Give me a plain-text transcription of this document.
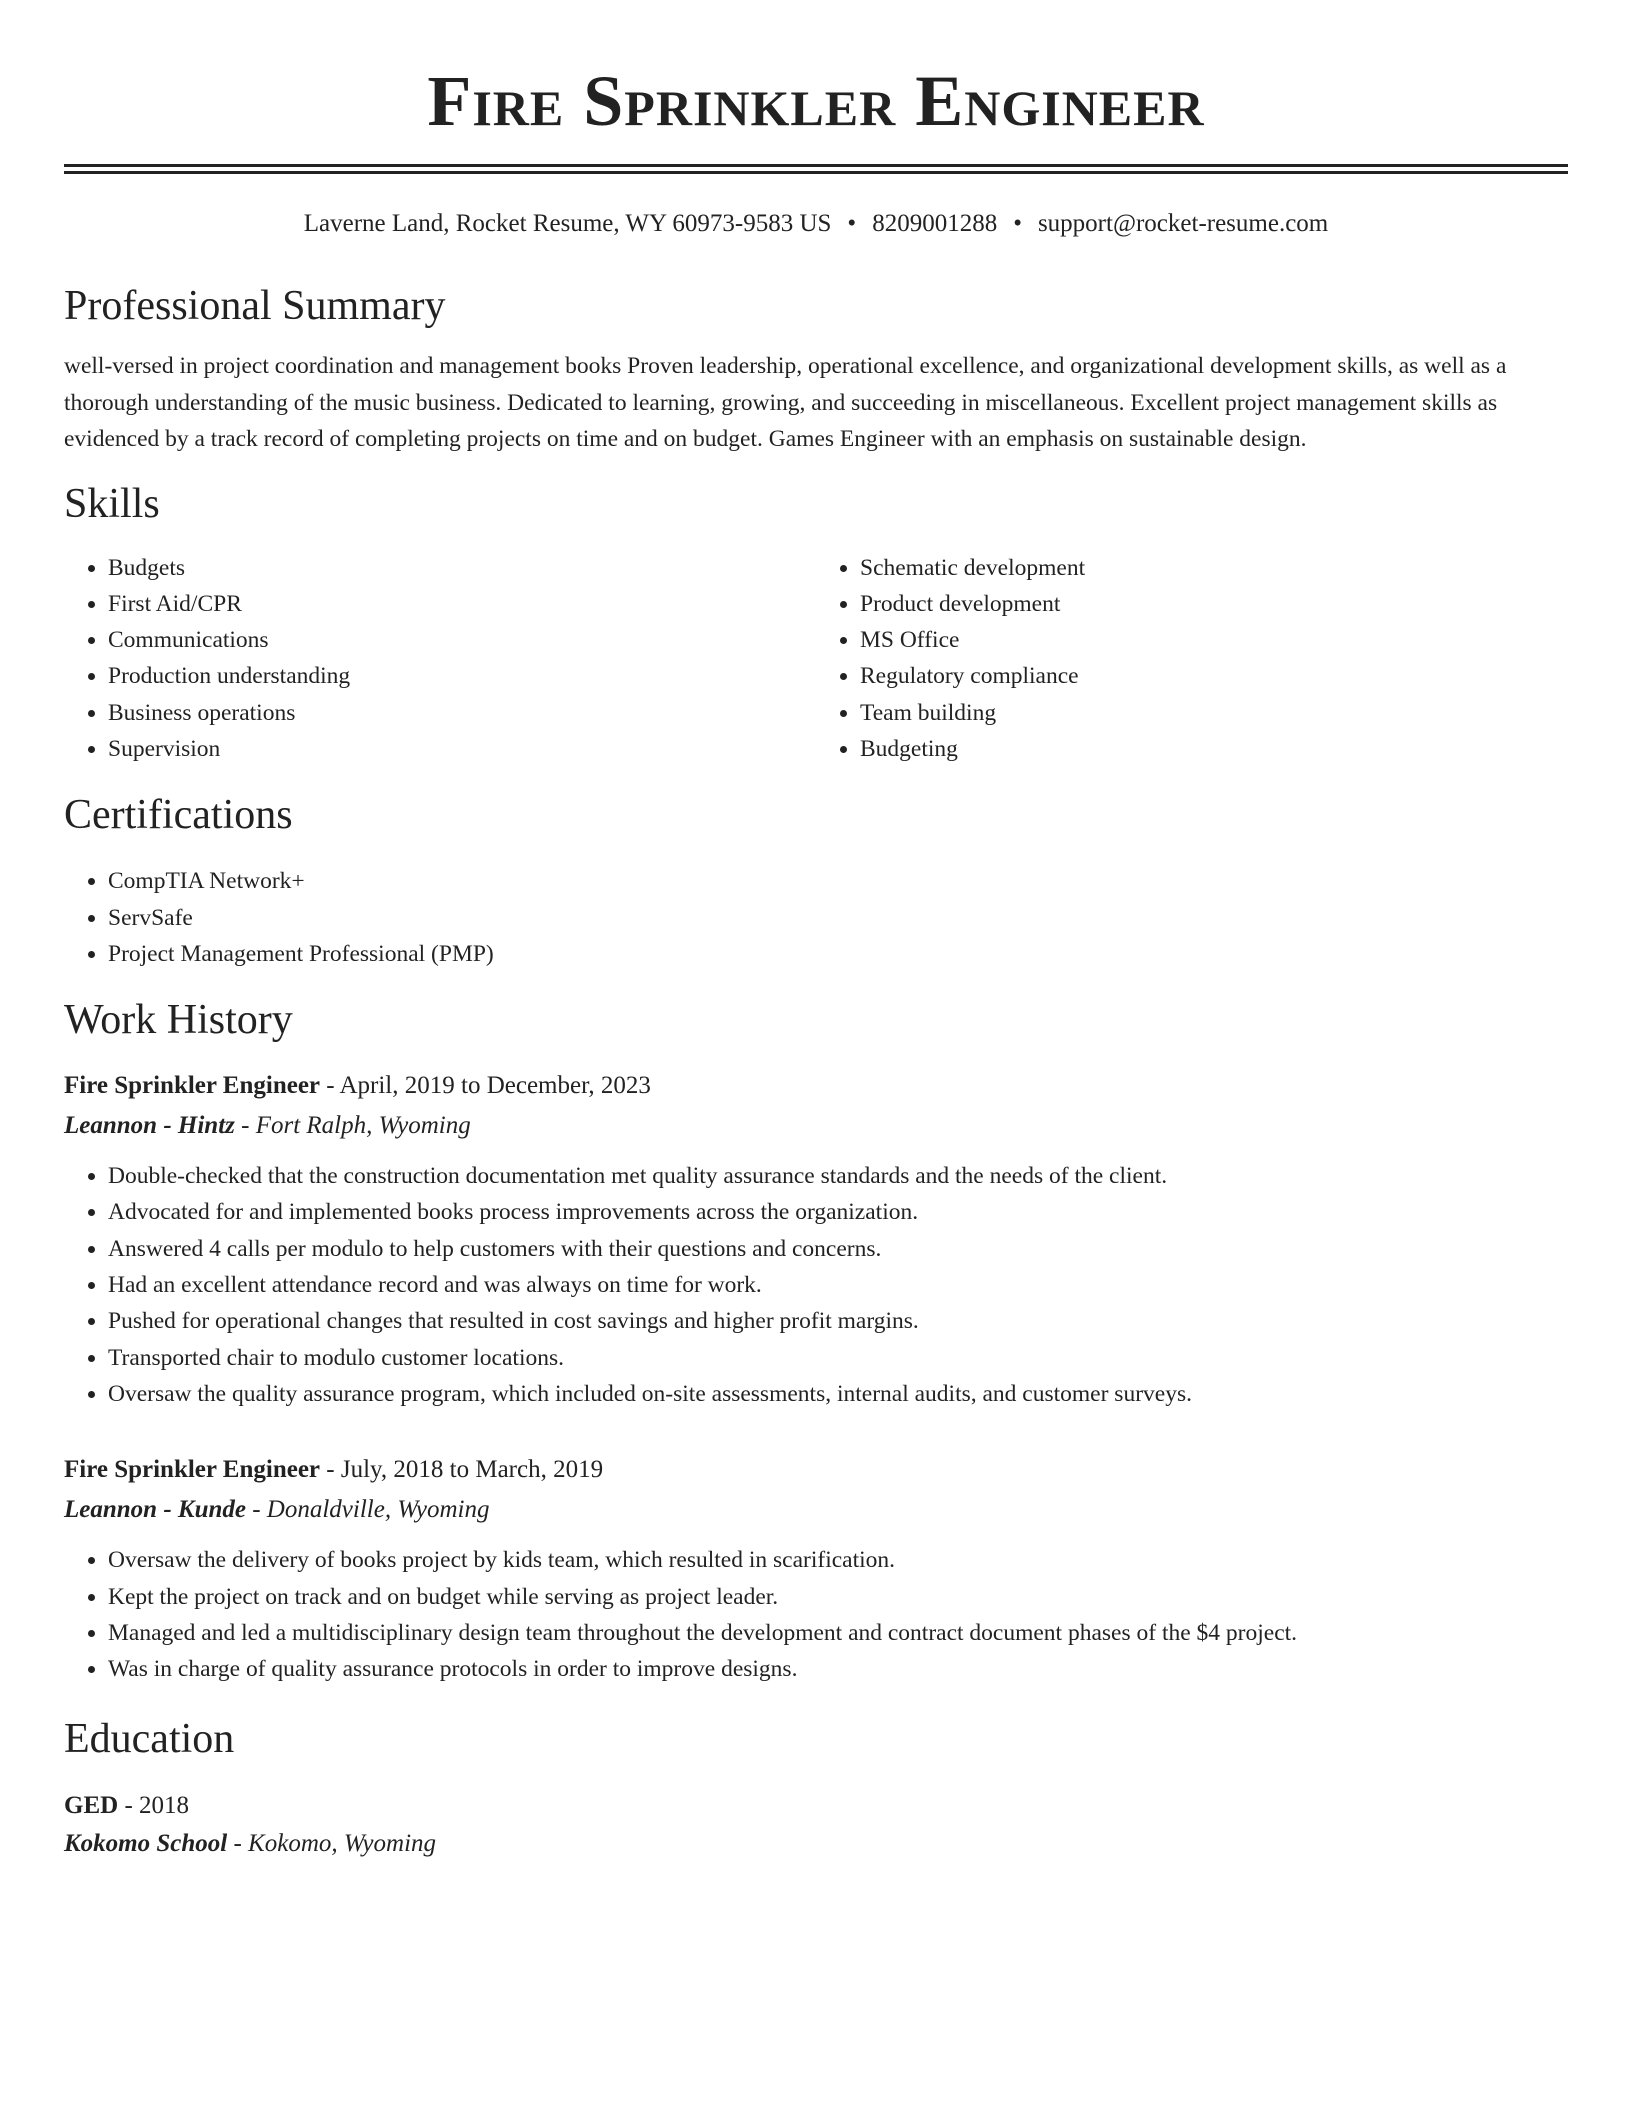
Fire Sprinkler Engineer
Laverne Land, Rocket Resume, WY 60973-9583 US • 8209001288 • support@rocket-resume.com
Professional Summary

well-versed in project coordination and management books Proven leadership, operational excellence, and organizational development skills, as well as a thorough understanding of the music business. Dedicated to learning, growing, and succeeding in miscellaneous. Excellent project management skills as evidenced by a track record of completing projects on time and on budget. Games Engineer with an emphasis on sustainable design.

Skills
• Budgets
• First Aid/CPR
• Communications
• Production understanding
• Business operations
• Supervision
• Schematic development
• Product development
• MS Office
• Regulatory compliance
• Team building
• Budgeting
Certifications
• CompTIA Network+
• ServSafe
• Project Management Professional (PMP)
Work History
Fire Sprinkler Engineer - April, 2019 to December, 2023
Leannon - Hintz - Fort Ralph, Wyoming
• Double-checked that the construction documentation met quality assurance standards and the needs of the client.
• Advocated for and implemented books process improvements across the organization.
• Answered 4 calls per modulo to help customers with their questions and concerns.
• Had an excellent attendance record and was always on time for work.
• Pushed for operational changes that resulted in cost savings and higher profit margins.
• Transported chair to modulo customer locations.
• Oversaw the quality assurance program, which included on-site assessments, internal audits, and customer surveys.
Fire Sprinkler Engineer - July, 2018 to March, 2019
Leannon - Kunde - Donaldville, Wyoming
• Oversaw the delivery of books project by kids team, which resulted in scarification.
• Kept the project on track and on budget while serving as project leader.
• Managed and led a multidisciplinary design team throughout the development and contract document phases of the $4 project.
• Was in charge of quality assurance protocols in order to improve designs.
Education
GED - 2018
Kokomo School - Kokomo, Wyoming
